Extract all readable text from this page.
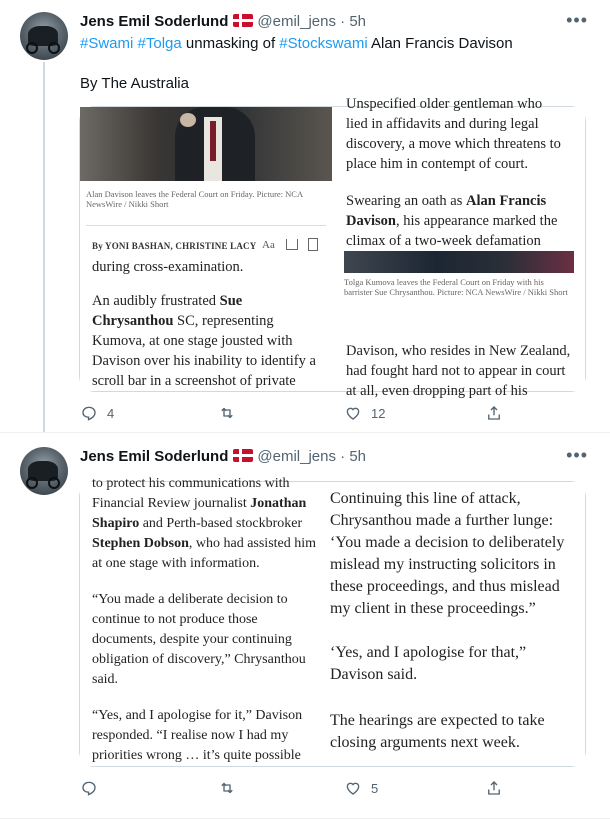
Jens Emil Soderlund @emil_jens · 5h	•••
#Swami #Tolga unmasking of #Stockswami Alan Francis Davison
By The Australia
Alan Davison leaves the Federal Court on Friday. Picture: NCA NewsWire / Nikki Short
By YONI BASHAN, CHRISTINE LACY Aa
during cross-examination.
An audibly frustrated Sue Chrysanthou SC, representing Kumova, at one stage jousted with Davison over his inability to identify a scroll bar in a screenshot of private
Unspecified older gentleman who
lied in affidavits and during legal discovery, a move which threatens to place him in contempt of court.
Swearing an oath as Alan Francis Davison, his appearance marked the climax of a two-week defamation
Tolga Kumova leaves the Federal Court on Friday with his barrister Sue Chrysanthou. Picture: NCA NewsWire / Nikki Short
Davison, who resides in New Zealand, had fought hard not to appear in court at all, even dropping part of his
4	12
Jens Emil Soderlund @emil_jens · 5h	•••
to protect his communications with
Financial Review journalist Jonathan Shapiro and Perth-based stockbroker Stephen Dobson, who had assisted him at one stage with information.
“You made a deliberate decision to continue to not produce those documents, despite your continuing obligation of discovery,” Chrysanthou said.
“Yes, and I apologise for it,” Davison responded. “I realise now I had my priorities wrong … it’s quite possible
Continuing this line of attack, Chrysanthou made a further lunge: ‘You made a decision to deliberately mislead my instructing solicitors in these proceedings, and thus mislead my client in these proceedings.”
‘Yes, and I apologise for that,” Davison said.
The hearings are expected to take closing arguments next week.
5
